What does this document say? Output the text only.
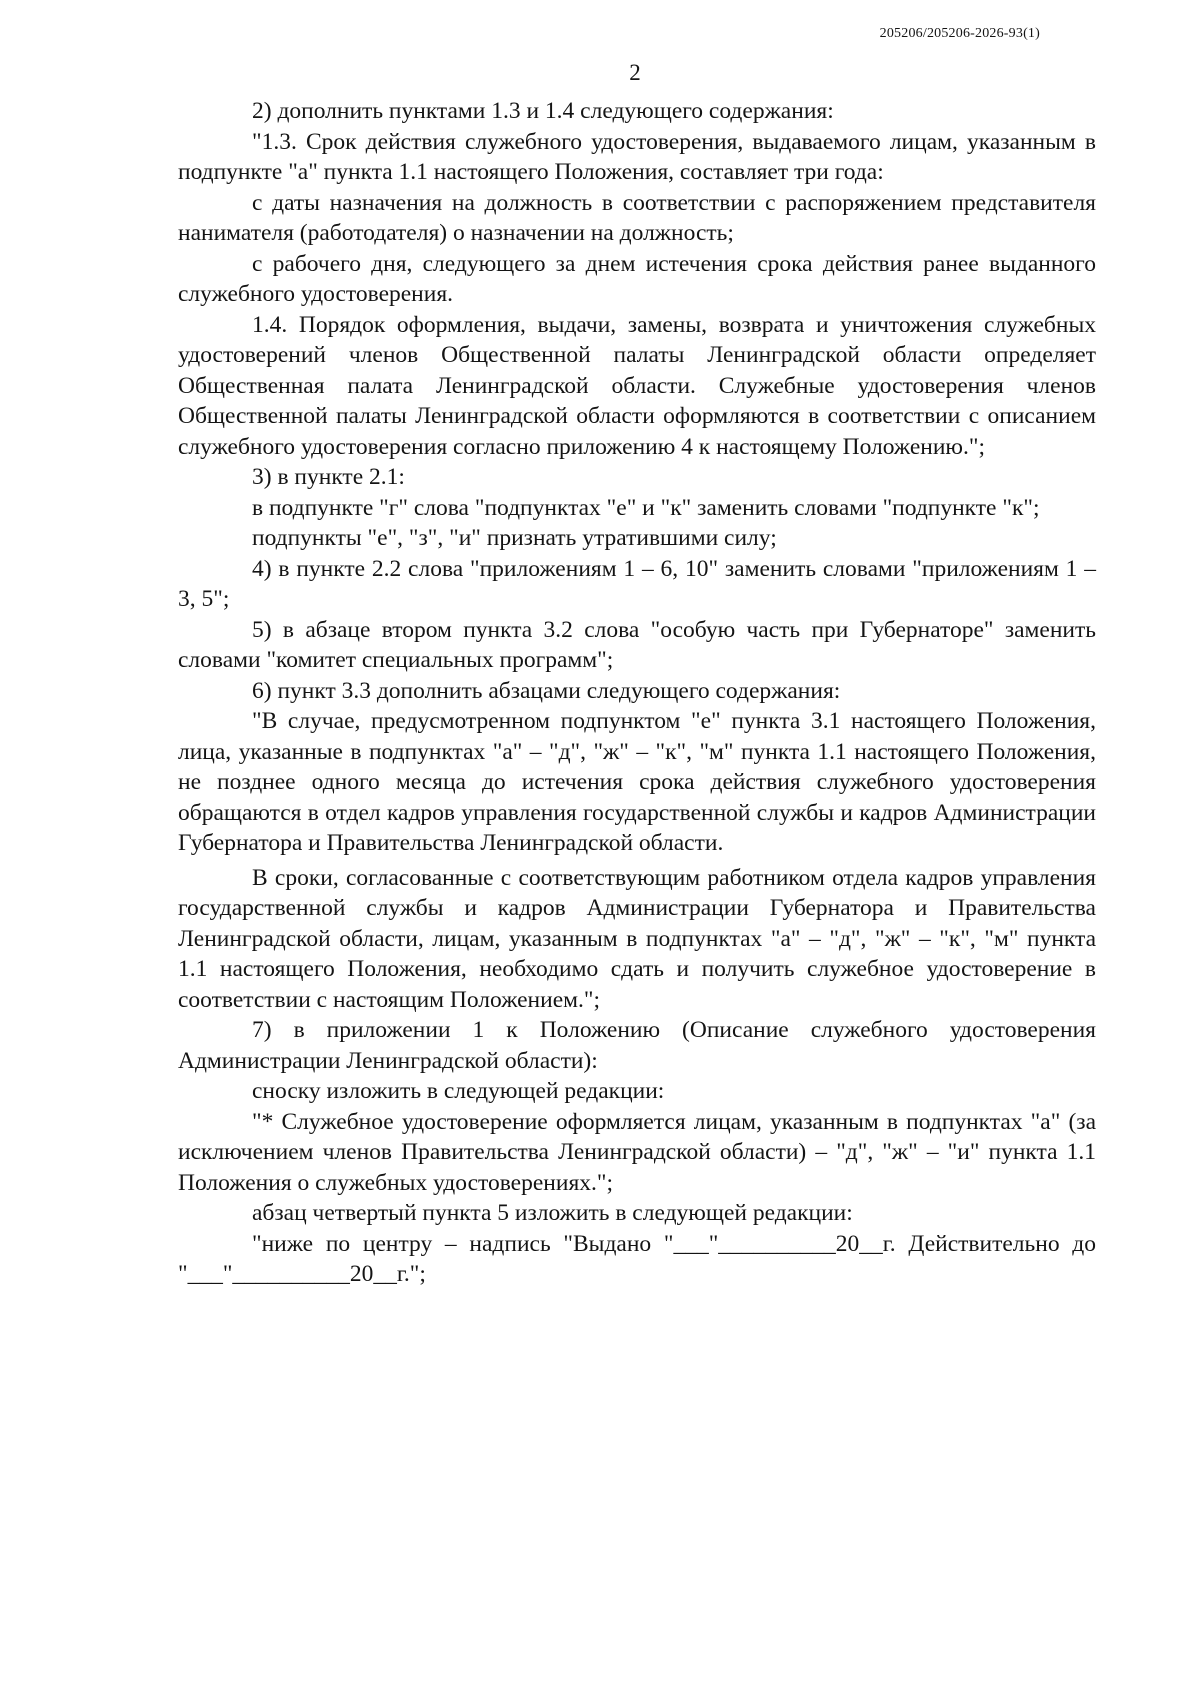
205206/205206-2026-93(1)
2

2) дополнить пунктами 1.3 и 1.4 следующего содержания:

"1.3. Срок действия служебного удостоверения, выдаваемого лицам, указанным в подпункте "а" пункта 1.1 настоящего Положения, составляет три года:

с даты назначения на должность в соответствии с распоряжением представителя нанимателя (работодателя) о назначении на должность;

с рабочего дня, следующего за днем истечения срока действия ранее выданного служебного удостоверения.

1.4. Порядок оформления, выдачи, замены, возврата и уничтожения служебных удостоверений членов Общественной палаты Ленинградской области определяет Общественная палата Ленинградской области. Служебные удостоверения членов Общественной палаты Ленинградской области оформляются в соответствии с описанием служебного удостоверения согласно приложению 4 к настоящему Положению.";

3) в пункте 2.1:

в подпункте "г" слова "подпунктах "е" и "к" заменить словами "подпункте "к";

подпункты "е", "з", "и" признать утратившими силу;

4) в пункте 2.2 слова "приложениям 1 – 6, 10" заменить словами "приложениям 1 – 3, 5";

5) в абзаце втором пункта 3.2 слова "особую часть при Губернаторе" заменить словами "комитет специальных программ";

6) пункт 3.3 дополнить абзацами следующего содержания:

"В случае, предусмотренном подпунктом "е" пункта 3.1 настоящего Положения, лица, указанные в подпунктах "а" – "д", "ж" – "к", "м" пункта 1.1 настоящего Положения, не позднее одного месяца до истечения срока действия служебного удостоверения обращаются в отдел кадров управления государственной службы и кадров Администрации Губернатора и Правительства Ленинградской области.

В сроки, согласованные с соответствующим работником отдела кадров управления государственной службы и кадров Администрации Губернатора и Правительства Ленинградской области, лицам, указанным в подпунктах "а" – "д", "ж" – "к", "м" пункта 1.1 настоящего Положения, необходимо сдать и получить служебное удостоверение в соответствии с настоящим Положением.";

7) в приложении 1 к Положению (Описание служебного удостоверения Администрации Ленинградской области):

сноску изложить в следующей редакции:

"* Служебное удостоверение оформляется лицам, указанным в подпунктах "а" (за исключением членов Правительства Ленинградской области) – "д", "ж" – "и" пункта 1.1 Положения о служебных удостоверениях.";

абзац четвертый пункта 5 изложить в следующей редакции:

"ниже по центру – надпись "Выдано "___"__________20__г. Действительно до "___"__________20__г.";
